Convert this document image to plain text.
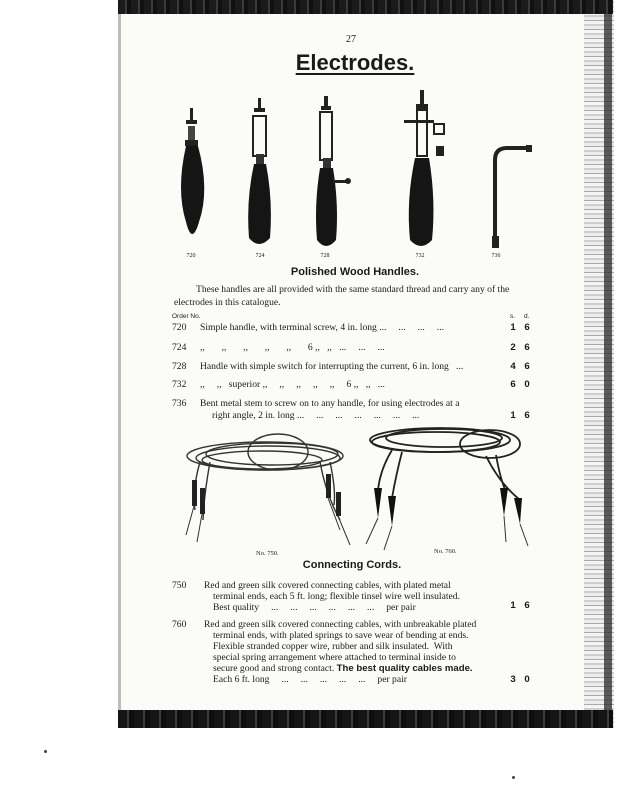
27
Electrodes.
720	724	728	732	736
Polished Wood Handles.
These handles are all provided with the same standard thread and carry any of the electrodes in this catalogue.
Order No.	s. d.
720	Simple handle, with terminal screw, 4 in. long ...     ...     ...     ...	1 6
724	,,       ,,       ,,       ,,       ,,       6 ,,   ,,   ...     ...     ...	2 6
728	Handle with simple switch for interrupting the current, 6 in. long   ...	4 6
732	,,     ,,   superior ,,     ,,     ,,     ,,     ,,     6 ,,   ,,   ...	6 0
736	Bent metal stem to screw on to any handle, for using electrodes at a
right angle, 2 in. long ...     ...     ...     ...     ...     ...     ...	1 6
No. 750.	No. 760.
Connecting Cords.
750	Red and green silk covered connecting cables, with plated metal
terminal ends, each 5 ft. long; flexible tinsel wire well insulated.
Best quality     ...     ...     ...     ...     ...     ...     per pair	1 6
760	Red and green silk covered connecting cables, with unbreakable plated
terminal ends, with plated springs to save wear of bending at ends.
Flexible stranded copper wire, rubber and silk insulated.  With
special spring arrangement where attached to terminal inside to
secure good and strong contact. The best quality cables made.
Each 6 ft. long     ...     ...     ...     ...     ...     per pair	3 0
